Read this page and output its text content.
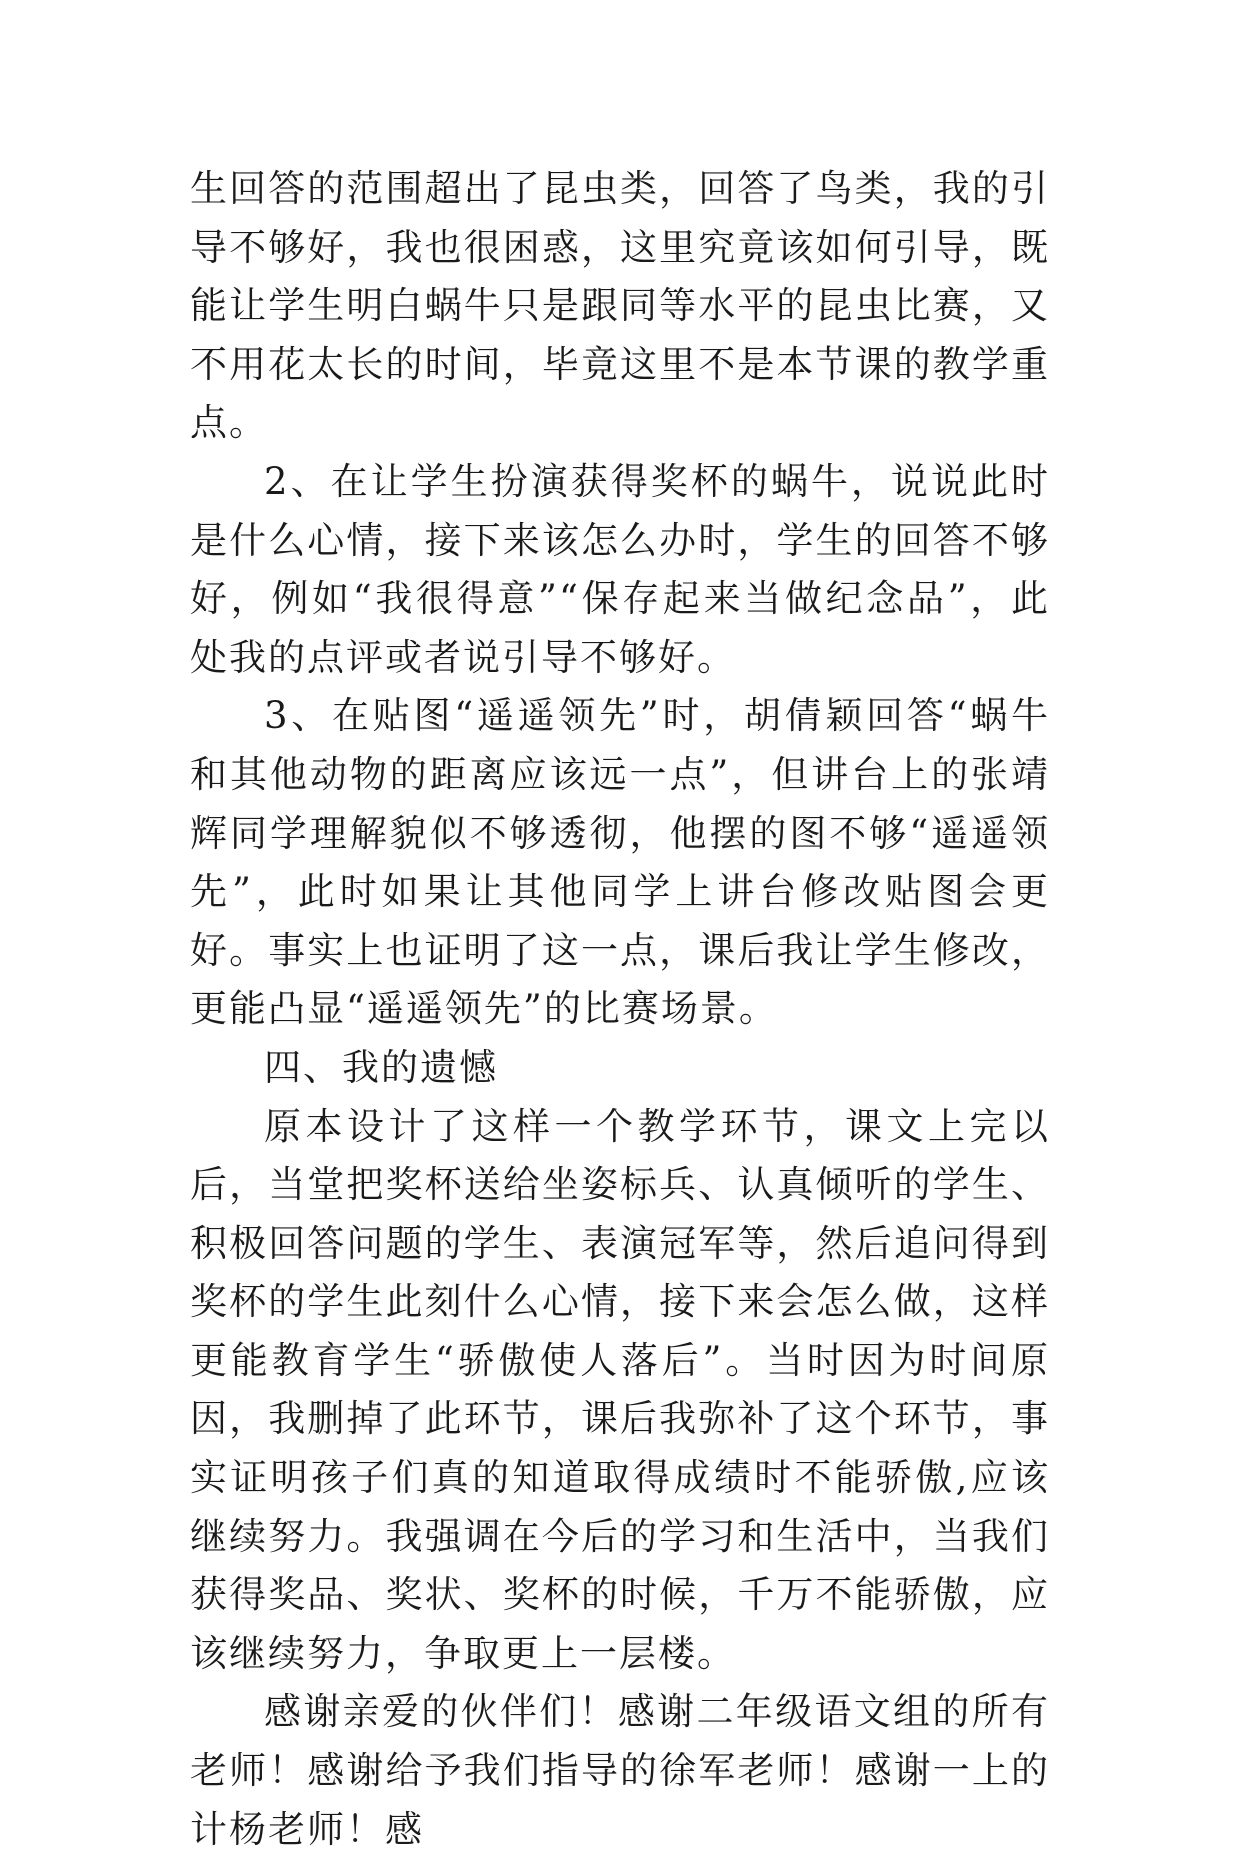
生回答的范围超出了昆虫类，回答了鸟类，我的引导不够好，我也很困惑，这里究竟该如何引导，既能让学生明白蜗牛只是跟同等水平的昆虫比赛，又不用花太长的时间，毕竟这里不是本节课的教学重点。

2、在让学生扮演获得奖杯的蜗牛，说说此时是什么心情，接下来该怎么办时，学生的回答不够好，例如“我很得意”“保存起来当做纪念品”，此处我的点评或者说引导不够好。

3、在贴图“遥遥领先”时，胡倩颖回答“蜗牛和其他动物的距离应该远一点”，但讲台上的张靖辉同学理解貌似不够透彻，他摆的图不够“遥遥领先”，此时如果让其他同学上讲台修改贴图会更好。事实上也证明了这一点，课后我让学生修改，更能凸显“遥遥领先”的比赛场景。

四、我的遗憾

原本设计了这样一个教学环节，课文上完以后，当堂把奖杯送给坐姿标兵、认真倾听的学生、积极回答问题的学生、表演冠军等，然后追问得到奖杯的学生此刻什么心情，接下来会怎么做，这样更能教育学生“骄傲使人落后”。当时因为时间原因，我删掉了此环节，课后我弥补了这个环节，事实证明孩子们真的知道取得成绩时不能骄傲,应该继续努力。我强调在今后的学习和生活中，当我们获得奖品、奖状、奖杯的时候，千万不能骄傲，应该继续努力，争取更上一层楼。

感谢亲爱的伙伴们！感谢二年级语文组的所有老师！感谢给予我们指导的徐军老师！感谢一上的计杨老师！感
